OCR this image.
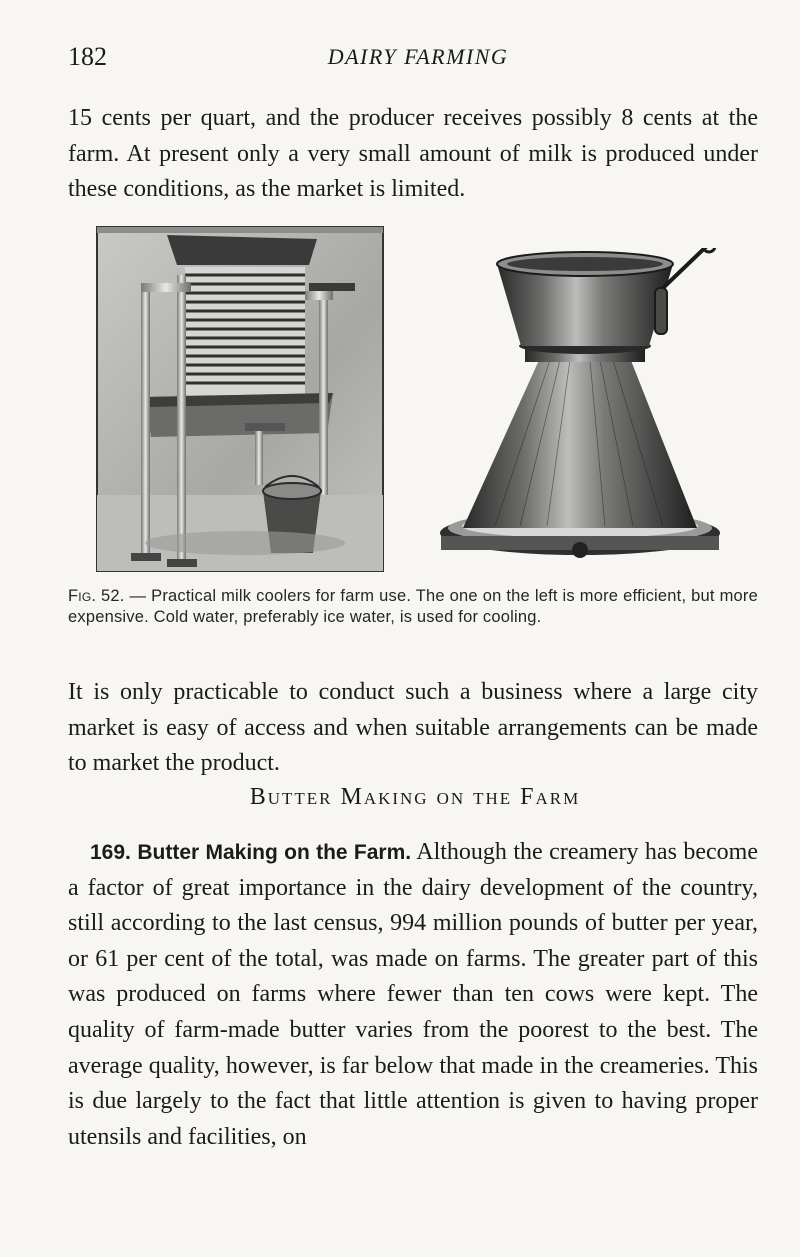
182	DAIRY FARMING

15 cents per quart, and the producer receives possibly 8 cents at the farm. At present only a very small amount of milk is produced under these conditions, as the market is limited.

Fig. 52. — Practical milk coolers for farm use. The one on the left is more efficient, but more expensive. Cold water, preferably ice water, is used for cooling.

It is only practicable to conduct such a business where a large city market is easy of access and when suitable arrangements can be made to market the product.

Butter Making on the Farm

169. Butter Making on the Farm. Although the creamery has become a factor of great importance in the dairy development of the country, still according to the last census, 994 million pounds of butter per year, or 61 per cent of the total, was made on farms. The greater part of this was produced on farms where fewer than ten cows were kept. The quality of farm-made butter varies from the poorest to the best. The average quality, however, is far below that made in the creameries. This is due largely to the fact that little attention is given to having proper utensils and facilities, on
